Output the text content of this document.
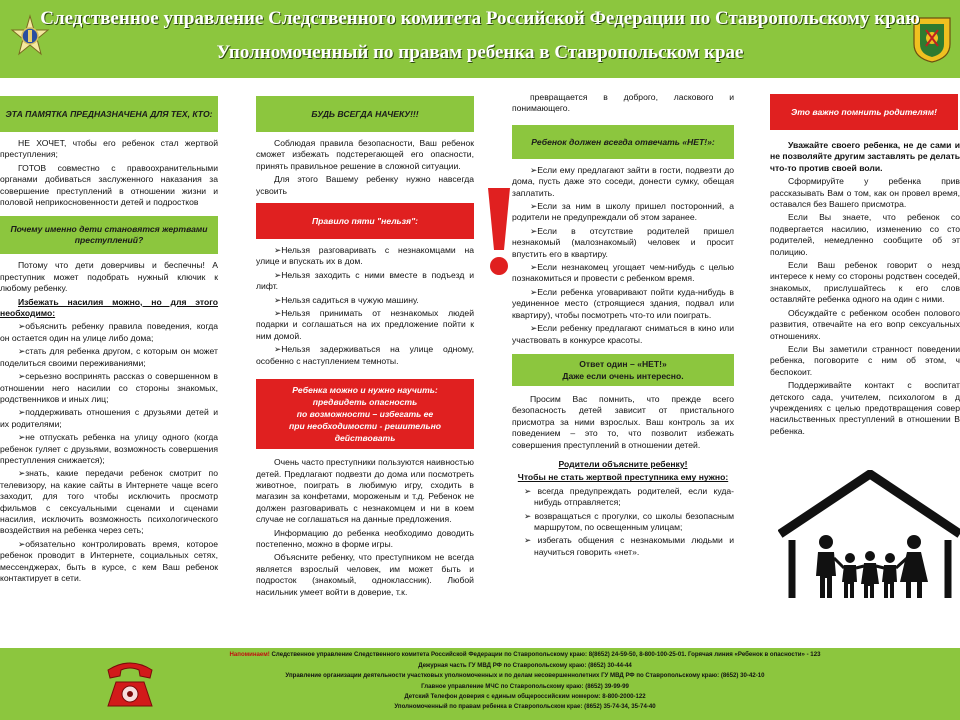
Следственное управление Следственного комитета Российской Федерации по Ставропольскому краю
Уполномоченный по правам ребенка в Ставропольском крае
ЭТА ПАМЯТКА ПРЕДНАЗНАЧЕНА ДЛЯ ТЕХ, КТО:

НЕ ХОЧЕТ, чтобы его ребенок стал жертвой преступления;

ГОТОВ совместно с правоохранительными органами добиваться заслуженного наказания за совершение преступлений в отношении жизни и половой неприкосновенности детей и подростков

Почему именно дети становятся жертвами преступлений?

Потому что дети доверчивы и беспечны! А преступник может подобрать нужный ключик к любому ребенку.

Избежать насилия можно, но для этого необходимо:

➢объяснить ребенку правила поведения, когда он остается один на улице либо дома;

➢стать для ребенка другом, с которым он может поделиться своими переживаниями;

➢серьезно воспринять рассказ о совершенном в отношении него насилии со стороны знакомых, родственников и иных лиц;

➢поддерживать отношения с друзьями детей и их родителями;

➢не отпускать ребенка на улицу одного (когда ребенок гуляет с друзьями, возможность совершения преступления снижается);

➢знать, какие передачи ребенок смотрит по телевизору, на какие сайты в Интернете чаще всего заходит, для того чтобы исключить просмотр фильмов с сексуальными сценами и сценами насилия, исключить возможность психологического воздействия на ребенка через сеть;

➢обязательно контролировать время, которое ребенок проводит в Интернете, социальных сетях, мессенджерах, быть в курсе, с кем Ваш ребенок контактирует в сети.

БУДЬ ВСЕГДА НАЧЕКУ!!!

Соблюдая правила безопасности, Ваш ребенок сможет избежать подстерегающей его опасности, принять правильное решение в сложной ситуации.

Для этого Вашему ребенку нужно навсегда усвоить

Правило пяти "нельзя":

➢Нельзя разговаривать с незнакомцами на улице и впускать их в дом.

➢Нельзя заходить с ними вместе в подъезд и лифт.

➢Нельзя садиться в чужую машину.

➢Нельзя принимать от незнакомых людей подарки и соглашаться на их предложение пойти к ним домой.

➢Нельзя задерживаться на улице одному, особенно с наступлением темноты.

Ребенка можно и нужно научить:
предвидеть опасность
по возможности – избегать ее
при необходимости - решительно
действовать

Очень часто преступники пользуются наивностью детей. Предлагают подвезти до дома или посмотреть животное, поиграть в любимую игру, сходить в магазин за конфетами, мороженым и т.д. Ребенок не должен разговаривать с незнакомцем и ни в коем случае не соглашаться на данные предложения.

Информацию до ребенка необходимо доводить постепенно, можно в форме игры.

Объясните ребенку, что преступником не всегда является взрослый человек, им может быть и подросток (знакомый, одноклассник). Любой насильник умеет войти в доверие, т.к.

превращается в доброго, ласкового и понимающего.

Ребенок должен всегда отвечать «НЕТ!»:

➢Если ему предлагают зайти в гости, подвезти до дома, пусть даже это соседи, донести сумку, обещая заплатить.

➢Если за ним в школу пришел посторонний, а родители не предупреждали об этом заранее.

➢Если в отсутствие родителей пришел незнакомый (малознакомый) человек и просит впустить его в квартиру.

➢Если незнакомец угощает чем-нибудь с целью познакомиться и провести с ребенком время.

➢Если ребенка уговаривают пойти куда-нибудь в уединенное место (строящиеся здания, подвал или квартиру), чтобы посмотреть что-то или поиграть.

➢Если ребенку предлагают сниматься в кино или участвовать в конкурсе красоты.

Ответ один – «НЕТ!»
Даже если очень интересно.

Просим Вас помнить, что прежде всего безопасность детей зависит от пристального присмотра за ними взрослых. Ваш контроль за их поведением – это то, что позволит избежать совершения преступлений в отношении детей.

Родители объясните ребенку!

Чтобы не стать жертвой преступника ему нужно:

➢ всегда предупреждать родителей, если куда-нибудь отправляется;

➢ возвращаться с прогулки, со школы безопасным маршрутом, по освещенным улицам;

➢ избегать общения с незнакомыми людьми и научиться говорить «нет».

Это важно помнить родителям!

Уважайте своего ребенка, не де сами и не позволяйте другим заставлять ре делать что-то против своей воли.

Сформируйте у ребенка прив рассказывать Вам о том, как он провел время, оставался без Вашего присмотра.

Если Вы знаете, что ребенок со подвергается насилию, изменению со сто родителей, немедленно сообщите об эт полицию.

Если Ваш ребенок говорит о незд интересе к нему со стороны родствен соседей, знакомых, прислушайтесь к его слов оставляйте ребенка одного на один с ними.

Обсуждайте с ребенком особен полового развития, отвечайте на его вопр сексуальных отношениях.

Если Вы заметили странност поведении ребенка, поговорите с ним об этом, ч беспокоит.

Поддерживайте контакт с воспитат детского сада, учителем, психологом в д учреждениях с целью предотвращения совер насильственных преступлений в отношении В ребенка.

Напоминаем! Следственное управление Следственного комитета Российской Федерации по Ставропольскому краю: 8(8652) 24-59-50, 8-800-100-25-01. Горячая линия «Ребенок в опасности» - 123
Дежурная часть ГУ МВД РФ по Ставропольскому краю: (8652) 30-44-44
Управление организации деятельности участковых уполномоченных и по делам несовершеннолетних ГУ МВД РФ по Ставропольскому краю: (8652) 30-42-10
Главное управление МЧС по Ставропольскому краю: (8652) 39-99-99
Детский Телефон доверия с единым общероссийским номером: 8-800-2000-122
Уполномоченный по правам ребенка в Ставропольском крае: (8652) 35-74-34, 35-74-40
